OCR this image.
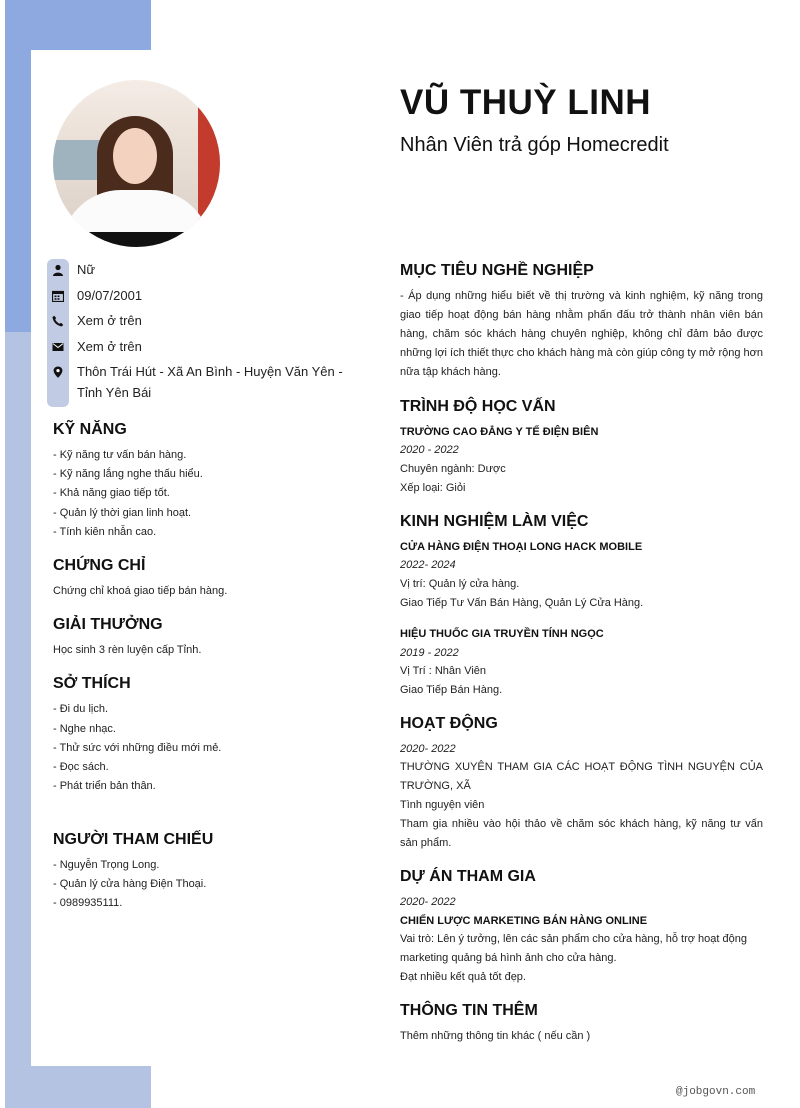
VŨ THUỲ LINH
Nhân Viên trả góp Homecredit
Nữ
09/07/2001
Xem ở trên
Xem ở trên
Thôn Trái Hút - Xã An Bình - Huyện Văn Yên - Tỉnh Yên Bái
KỸ NĂNG
- Kỹ năng tư vấn bán hàng.
- Kỹ năng lắng nghe thấu hiểu.
- Khả năng giao tiếp tốt.
- Quản lý thời gian linh hoạt.
- Tính kiên nhẫn cao.
CHỨNG CHỈ
Chứng chỉ khoá giao tiếp bán hàng.
GIẢI THƯỞNG
Học sinh 3 rèn luyện cấp Tỉnh.
SỞ THÍCH
- Đi du lịch.
- Nghe nhạc.
- Thử sức với những điều mới mẻ.
- Đọc sách.
- Phát triển bản thân.
NGƯỜI THAM CHIẾU
- Nguyễn Trọng Long.
- Quản lý cửa hàng Điện Thoại.
- 0989935111.
MỤC TIÊU NGHỀ NGHIỆP
- Áp dụng những hiểu biết về thị trường và kinh nghiệm, kỹ năng trong giao tiếp hoạt động bán hàng nhằm phấn đấu trở thành nhân viên bán hàng, chăm sóc khách hàng chuyên nghiệp, không chỉ đảm bảo được những lợi ích thiết thực cho khách hàng mà còn giúp công ty mở rộng hơn nữa tập khách hàng.
TRÌNH ĐỘ HỌC VẤN
TRƯỜNG CAO ĐẲNG Y TẾ ĐIỆN BIÊN
2020 - 2022
Chuyên ngành: Dược
Xếp loại: Giỏi
KINH NGHIỆM LÀM VIỆC
CỬA HÀNG ĐIỆN THOẠI LONG HACK MOBILE
2022- 2024
Vị trí: Quản lý cửa hàng.
Giao Tiếp Tư Vấn Bán Hàng, Quản Lý Cửa Hàng.
HIỆU THUỐC GIA TRUYỀN TÍNH NGỌC
2019 - 2022
Vị Trí : Nhân Viên
Giao Tiếp Bán Hàng.
HOẠT ĐỘNG
2020- 2022
THƯỜNG XUYÊN THAM GIA CÁC HOẠT ĐỘNG TÌNH NGUYỆN CỦA TRƯỜNG, XÃ
Tình nguyện viên
Tham gia nhiều vào hội thảo về chăm sóc khách hàng, kỹ năng tư vấn sản phẩm.
DỰ ÁN THAM GIA
2020- 2022
CHIẾN LƯỢC MARKETING BÁN HÀNG ONLINE
Vai trò: Lên ý tưởng, lên các sản phẩm cho cửa hàng, hỗ trợ hoạt động marketing quảng bá hình ảnh cho cửa hàng.
Đạt nhiều kết quả tốt đẹp.
THÔNG TIN THÊM
Thêm những thông tin khác ( nếu cần )
@jobgovn.com
